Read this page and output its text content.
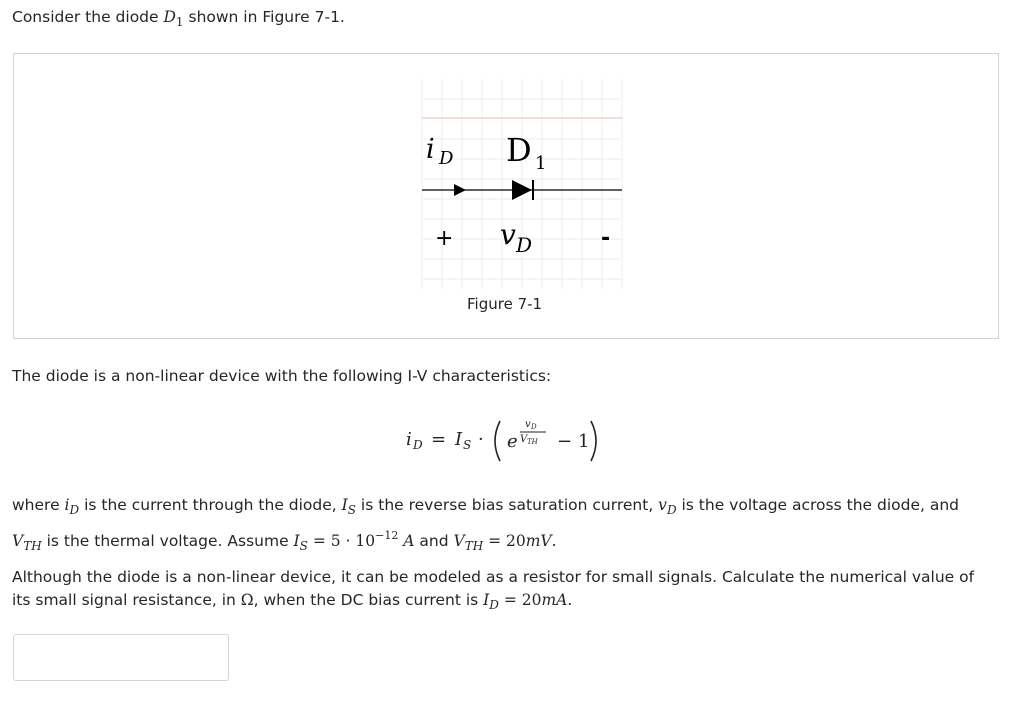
Consider the diode $D_1$ shown in Figure 7-1.
i D D 1
+ v D	-
Figure 7-1
The diode is a non-linear device with the following I-V characteristics:
i D = I S · e
v D
V TH − 1
where $i_D$ is the current through the diode, $I_S$ is the reverse bias saturation current, $v_D$ is the voltage across the diode, and
$V_{TH}$ is the thermal voltage. Assume $I_S = 5 \cdot 10^{-12}$ A and $V_{TH} = 20mV$.
Although the diode is a non-linear device, it can be modeled as a resistor for small signals. Calculate the numerical value of
its small signal resistance, in Ω, when the DC bias current is $I_D = 20mA$.
